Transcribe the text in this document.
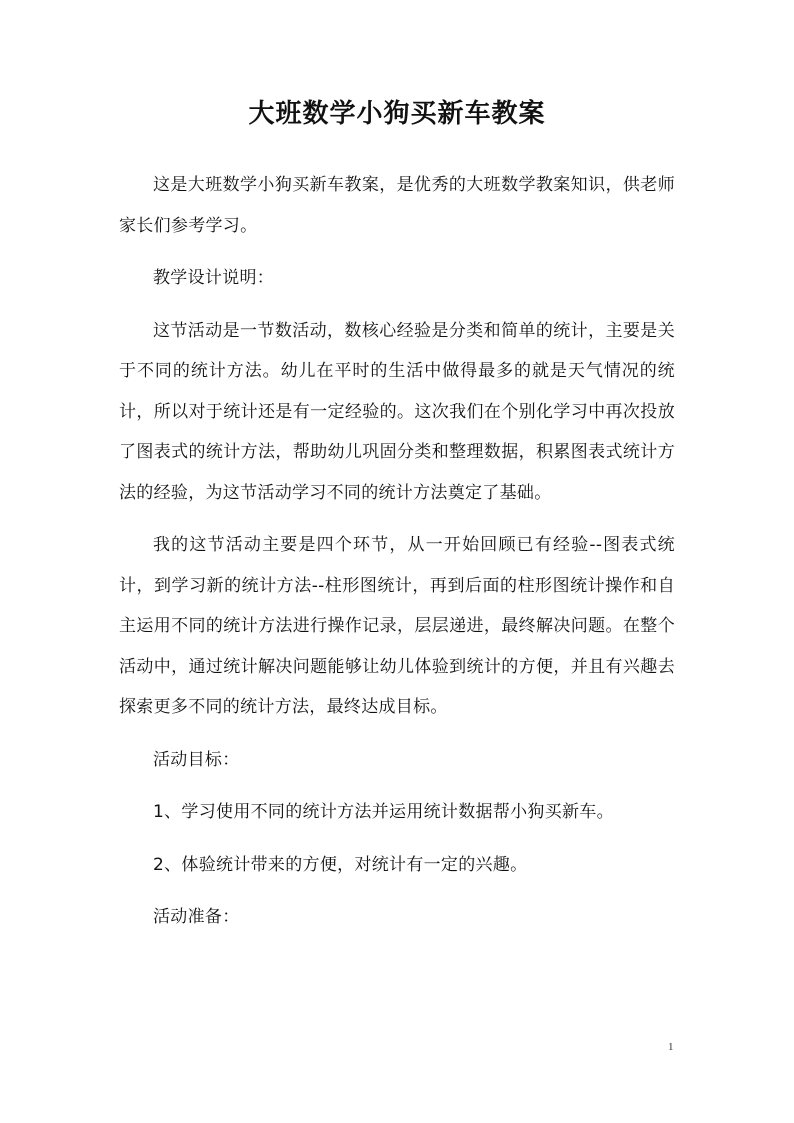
大班数学小狗买新车教案

这是大班数学小狗买新车教案，是优秀的大班数学教案知识，供老师家长们参考学习。

教学设计说明：

这节活动是一节数活动，数核心经验是分类和简单的统计，主要是关于不同的统计方法。幼儿在平时的生活中做得最多的就是天气情况的统计，所以对于统计还是有一定经验的。这次我们在个别化学习中再次投放了图表式的统计方法，帮助幼儿巩固分类和整理数据，积累图表式统计方法的经验，为这节活动学习不同的统计方法奠定了基础。

我的这节活动主要是四个环节，从一开始回顾已有经验--图表式统计，到学习新的统计方法--柱形图统计，再到后面的柱形图统计操作和自主运用不同的统计方法进行操作记录，层层递进，最终解决问题。在整个活动中，通过统计解决问题能够让幼儿体验到统计的方便，并且有兴趣去探索更多不同的统计方法，最终达成目标。

活动目标：

1、学习使用不同的统计方法并运用统计数据帮小狗买新车。

2、体验统计带来的方便，对统计有一定的兴趣。

活动准备：

1
